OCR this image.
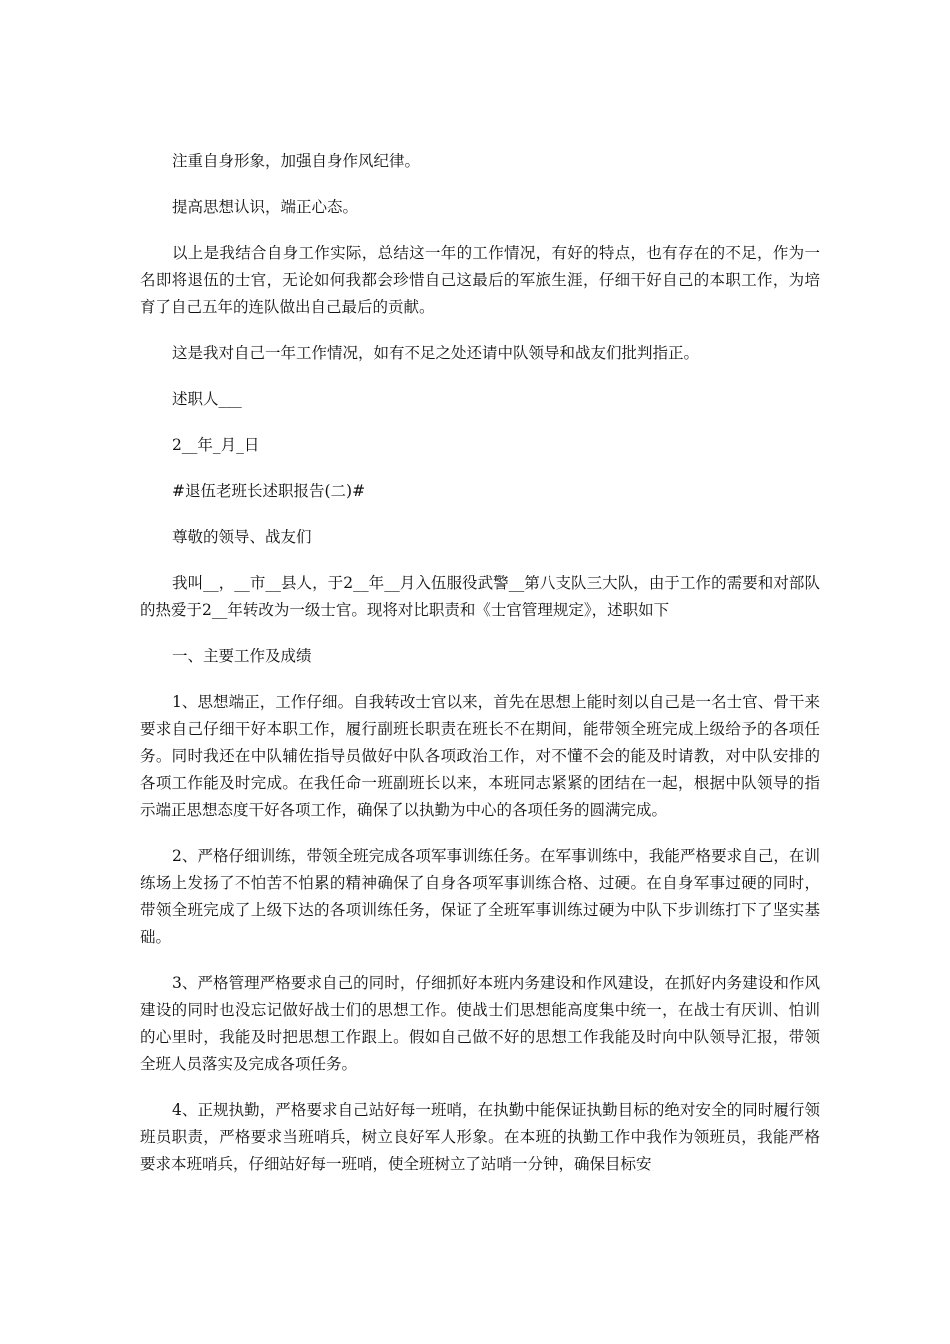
注重自身形象，加强自身作风纪律。

提高思想认识，端正心态。

以上是我结合自身工作实际，总结这一年的工作情况，有好的特点，也有存在的不足，作为一名即将退伍的士官，无论如何我都会珍惜自己这最后的军旅生涯，仔细干好自己的本职工作，为培育了自己五年的连队做出自己最后的贡献。

这是我对自己一年工作情况，如有不足之处还请中队领导和战友们批判指正。

述职人___

2__年_月_日

#退伍老班长述职报告(二)#

尊敬的领导、战友们

我叫__，__市__县人，于2__年__月入伍服役武警__第八支队三大队，由于工作的需要和对部队的热爱于2__年转改为一级士官。现将对比职责和《士官管理规定》，述职如下

一、主要工作及成绩

1、思想端正，工作仔细。自我转改士官以来，首先在思想上能时刻以自己是一名士官、骨干来要求自己仔细干好本职工作，履行副班长职责在班长不在期间，能带领全班完成上级给予的各项任务。同时我还在中队辅佐指导员做好中队各项政治工作，对不懂不会的能及时请教，对中队安排的各项工作能及时完成。在我任命一班副班长以来，本班同志紧紧的团结在一起，根据中队领导的指示端正思想态度干好各项工作，确保了以执勤为中心的各项任务的圆满完成。

2、严格仔细训练，带领全班完成各项军事训练任务。在军事训练中，我能严格要求自己，在训练场上发扬了不怕苦不怕累的精神确保了自身各项军事训练合格、过硬。在自身军事过硬的同时，带领全班完成了上级下达的各项训练任务，保证了全班军事训练过硬为中队下步训练打下了坚实基础。

3、严格管理严格要求自己的同时，仔细抓好本班内务建设和作风建设，在抓好内务建设和作风建设的同时也没忘记做好战士们的思想工作。使战士们思想能高度集中统一，在战士有厌训、怕训的心里时，我能及时把思想工作跟上。假如自己做不好的思想工作我能及时向中队领导汇报，带领全班人员落实及完成各项任务。

4、正规执勤，严格要求自己站好每一班哨，在执勤中能保证执勤目标的绝对安全的同时履行领班员职责，严格要求当班哨兵，树立良好军人形象。在本班的执勤工作中我作为领班员，我能严格要求本班哨兵，仔细站好每一班哨，使全班树立了站哨一分钟，确保目标安
